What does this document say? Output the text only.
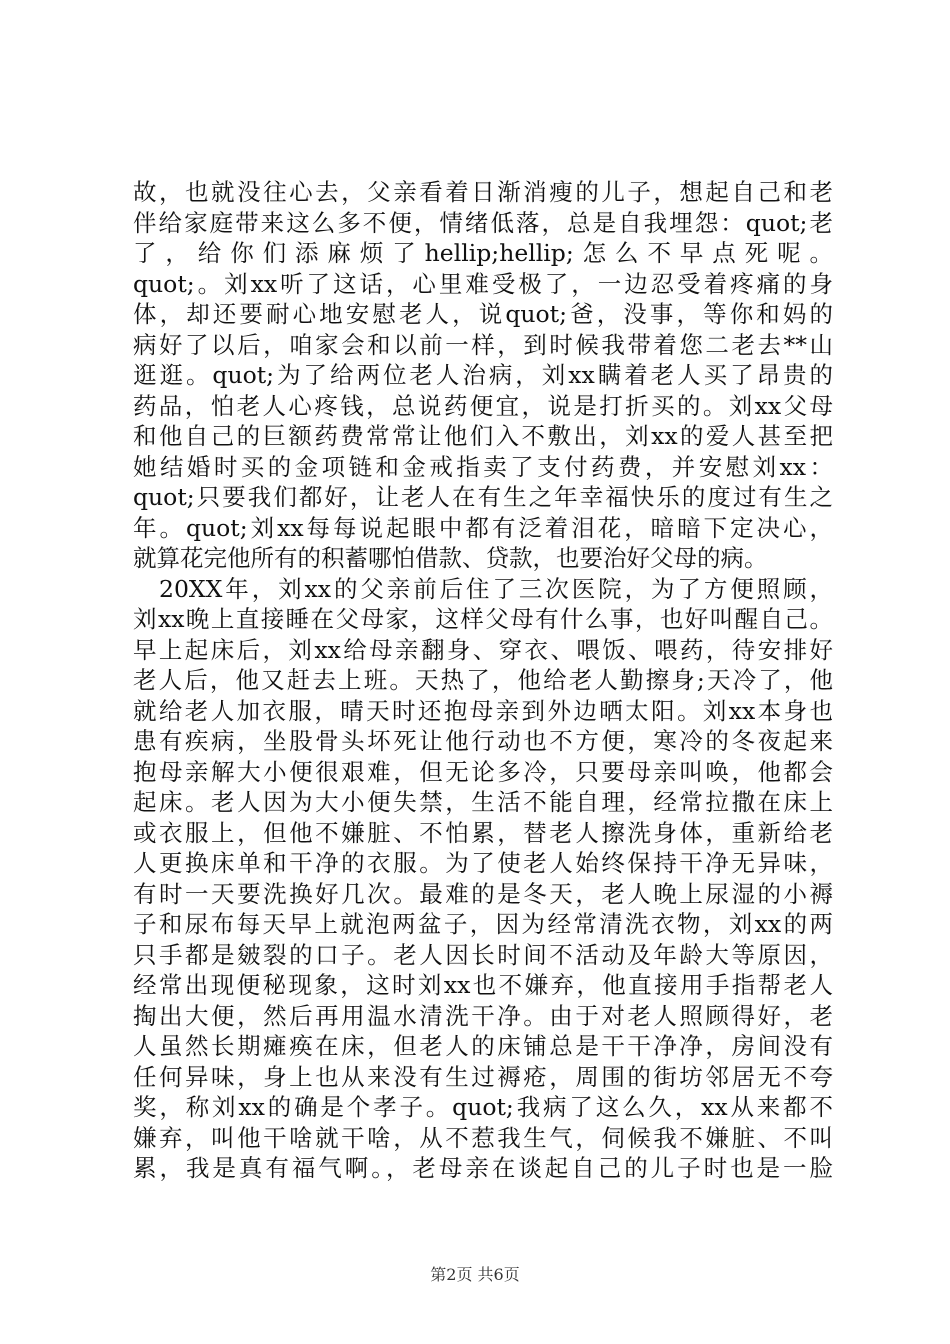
故，也就没往心去，父亲看着日渐消瘦的儿子，想起自己和老
伴给家庭带来这么多不便，情绪低落，总是自我埋怨：quot;老
了，给你们添麻烦了hellip;hellip;怎么不早点死呢。
quot;。刘xx听了这话，心里难受极了，一边忍受着疼痛的身
体，却还要耐心地安慰老人，说quot;爸，没事，等你和妈的
病好了以后，咱家会和以前一样，到时候我带着您二老去**山
逛逛。quot;为了给两位老人治病，刘xx瞒着老人买了昂贵的
药品，怕老人心疼钱，总说药便宜，说是打折买的。刘xx父母
和他自己的巨额药费常常让他们入不敷出，刘xx的爱人甚至把
她结婚时买的金项链和金戒指卖了支付药费，并安慰刘xx：
quot;只要我们都好，让老人在有生之年幸福快乐的度过有生之
年。quot;刘xx每每说起眼中都有泛着泪花，暗暗下定决心，
就算花完他所有的积蓄哪怕借款、贷款，也要治好父母的病。
20XX年，刘xx的父亲前后住了三次医院，为了方便照顾，
刘xx晚上直接睡在父母家，这样父母有什么事，也好叫醒自己。
早上起床后，刘xx给母亲翻身、穿衣、喂饭、喂药，待安排好
老人后，他又赶去上班。天热了，他给老人勤擦身;天冷了，他
就给老人加衣服，晴天时还抱母亲到外边晒太阳。刘xx本身也
患有疾病，坐股骨头坏死让他行动也不方便，寒冷的冬夜起来
抱母亲解大小便很艰难，但无论多冷，只要母亲叫唤，他都会
起床。老人因为大小便失禁，生活不能自理，经常拉撒在床上
或衣服上，但他不嫌脏、不怕累，替老人擦洗身体，重新给老
人更换床单和干净的衣服。为了使老人始终保持干净无异味，
有时一天要洗换好几次。最难的是冬天，老人晚上尿湿的小褥
子和尿布每天早上就泡两盆子，因为经常清洗衣物，刘xx的两
只手都是皴裂的口子。老人因长时间不活动及年龄大等原因，
经常出现便秘现象，这时刘xx也不嫌弃，他直接用手指帮老人
掏出大便，然后再用温水清洗干净。由于对老人照顾得好，老
人虽然长期瘫痪在床，但老人的床铺总是干干净净，房间没有
任何异味，身上也从来没有生过褥疮，周围的街坊邻居无不夸
奖，称刘xx的确是个孝子。quot;我病了这么久，xx从来都不
嫌弃，叫他干啥就干啥，从不惹我生气，伺候我不嫌脏、不叫
累，我是真有福气啊。，老母亲在谈起自己的儿子时也是一脸
第2页 共6页
